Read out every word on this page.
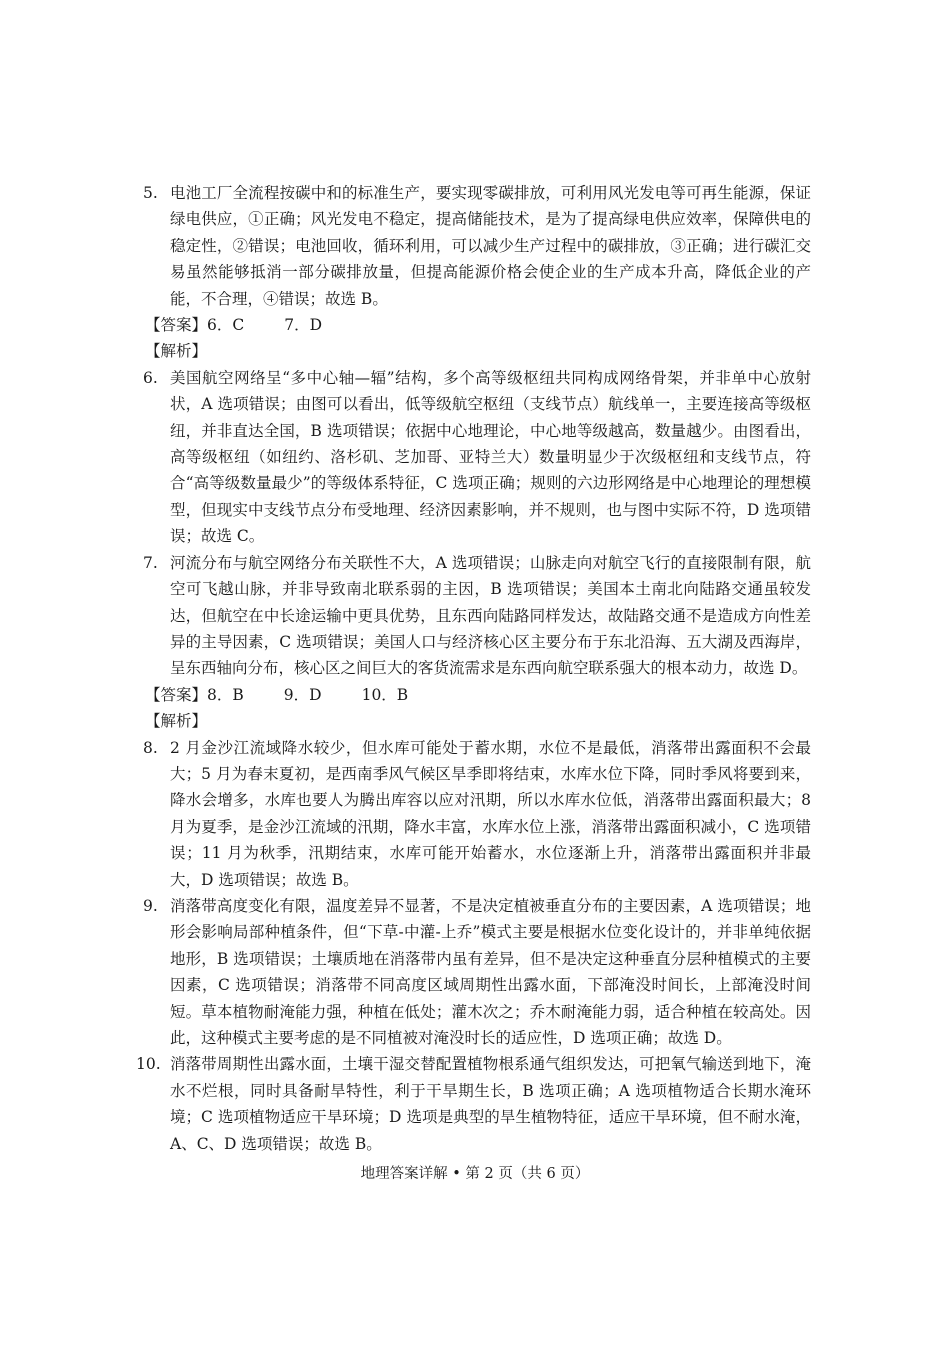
5. 电池工厂全流程按碳中和的标准生产，要实现零碳排放，可利用风光发电等可再生能源，保证绿电供应，①正确；风光发电不稳定，提高储能技术，是为了提高绿电供应效率，保障供电的稳定性，②错误；电池回收，循环利用，可以减少生产过程中的碳排放，③正确；进行碳汇交易虽然能够抵消一部分碳排放量，但提高能源价格会使企业的生产成本升高，降低企业的产能，不合理，④错误；故选 B。

【答案】6．C	7．D

【解析】

6. 美国航空网络呈“多中心轴—辐”结构，多个高等级枢纽共同构成网络骨架，并非单中心放射状，A 选项错误；由图可以看出，低等级航空枢纽（支线节点）航线单一，主要连接高等级枢纽，并非直达全国，B 选项错误；依据中心地理论，中心地等级越高，数量越少。由图看出，高等级枢纽（如纽约、洛杉矶、芝加哥、亚特兰大）数量明显少于次级枢纽和支线节点，符合“高等级数量最少”的等级体系特征，C 选项正确；规则的六边形网络是中心地理论的理想模型，但现实中支线节点分布受地理、经济因素影响，并不规则，也与图中实际不符，D 选项错误；故选 C。
7. 河流分布与航空网络分布关联性不大，A 选项错误；山脉走向对航空飞行的直接限制有限，航空可飞越山脉，并非导致南北联系弱的主因，B 选项错误；美国本土南北向陆路交通虽较发达，但航空在中长途运输中更具优势，且东西向陆路同样发达，故陆路交通不是造成方向性差异的主导因素，C 选项错误；美国人口与经济核心区主要分布于东北沿海、五大湖及西海岸，呈东西轴向分布，核心区之间巨大的客货流需求是东西向航空联系强大的根本动力，故选 D。

【答案】8．B	9．D	10．B

【解析】

8. 2 月金沙江流域降水较少，但水库可能处于蓄水期，水位不是最低，消落带出露面积不会最大；5 月为春末夏初，是西南季风气候区旱季即将结束，水库水位下降，同时季风将要到来，降水会增多，水库也要人为腾出库容以应对汛期，所以水库水位低，消落带出露面积最大；8 月为夏季，是金沙江流域的汛期，降水丰富，水库水位上涨，消落带出露面积减小，C 选项错误；11 月为秋季，汛期结束，水库可能开始蓄水，水位逐渐上升，消落带出露面积并非最大，D 选项错误；故选 B。
9. 消落带高度变化有限，温度差异不显著，不是决定植被垂直分布的主要因素，A 选项错误；地形会影响局部种植条件，但“下草-中灌-上乔”模式主要是根据水位变化设计的，并非单纯依据地形，B 选项错误；土壤质地在消落带内虽有差异，但不是决定这种垂直分层种植模式的主要因素，C 选项错误；消落带不同高度区域周期性出露水面，下部淹没时间长，上部淹没时间短。草本植物耐淹能力强，种植在低处；灌木次之；乔木耐淹能力弱，适合种植在较高处。因此，这种模式主要考虑的是不同植被对淹没时长的适应性，D 选项正确；故选 D。
10. 消落带周期性出露水面，土壤干湿交替配置植物根系通气组织发达，可把氧气输送到地下，淹水不烂根，同时具备耐旱特性，利于干旱期生长，B 选项正确；A 选项植物适合长期水淹环境；C 选项植物适应干旱环境；D 选项是典型的旱生植物特征，适应干旱环境，但不耐水淹，A、C、D 选项错误；故选 B。
地理答案详解 • 第 2 页（共 6 页）
